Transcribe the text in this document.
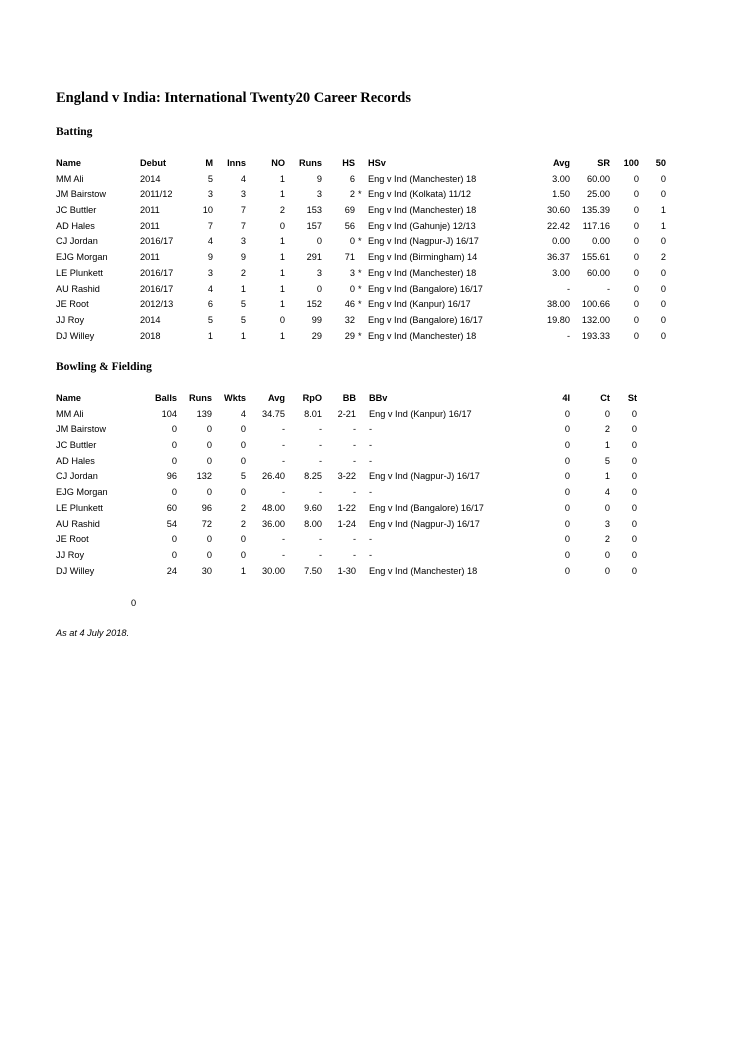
England v India: International Twenty20 Career Records
Batting
Name	Debut	M	Inns	NO	Runs	HS HSv	Avg	SR	100	50
MM Ali	2014	5	4	1	9	6 Eng v Ind (Manchester) 18	3.00	60.00	0	0
JM Bairstow	2011/12	3	3	1	3	2 * Eng v Ind (Kolkata) 11/12	1.50	25.00	0	0
JC Buttler	2011	10	7	2	153	69 Eng v Ind (Manchester) 18	30.60	135.39	0	1
AD Hales	2011	7	7	0	157	56 Eng v Ind (Gahunje) 12/13	22.42	117.16	0	1
CJ Jordan	2016/17	4	3	1	0	0 * Eng v Ind (Nagpur-J) 16/17	0.00	0.00	0	0
EJG Morgan	2011	9	9	1	291	71 Eng v Ind (Birmingham) 14	36.37	155.61	0	2
LE Plunkett	2016/17	3	2	1	3	3 * Eng v Ind (Manchester) 18	3.00	60.00	0	0
AU Rashid	2016/17	4	1	1	0	0 * Eng v Ind (Bangalore) 16/17	-	-	0	0
JE Root	2012/13	6	5	1	152	46 * Eng v Ind (Kanpur) 16/17	38.00	100.66	0	0
JJ Roy	2014	5	5	0	99	32 Eng v Ind (Bangalore) 16/17	19.80	132.00	0	0
DJ Willey	2018	1	1	1	29	29 * Eng v Ind (Manchester) 18	-	193.33	0	0
Bowling & Fielding
Name	Balls	Runs	Wkts	Avg	RpO	BB BBv	4I	Ct	St
MM Ali	104	139	4	34.75	8.01	2-21 Eng v Ind (Kanpur) 16/17	0	0	0
JM Bairstow	0	0	0	-	-	- -	0	2	0
JC Buttler	0	0	0	-	-	- -	0	1	0
AD Hales	0	0	0	-	-	- -	0	5	0
CJ Jordan	96	132	5	26.40	8.25	3-22 Eng v Ind (Nagpur-J) 16/17	0	1	0
EJG Morgan	0	0	0	-	-	- -	0	4	0
LE Plunkett	60	96	2	48.00	9.60	1-22 Eng v Ind (Bangalore) 16/17	0	0	0
AU Rashid	54	72	2	36.00	8.00	1-24 Eng v Ind (Nagpur-J) 16/17	0	3	0
JE Root	0	0	0	-	-	- -	0	2	0
JJ Roy	0	0	0	-	-	- -	0	0	0
DJ Willey	24	30	1	30.00	7.50	1-30 Eng v Ind (Manchester) 18	0	0	0
0
As at 4 July 2018.
